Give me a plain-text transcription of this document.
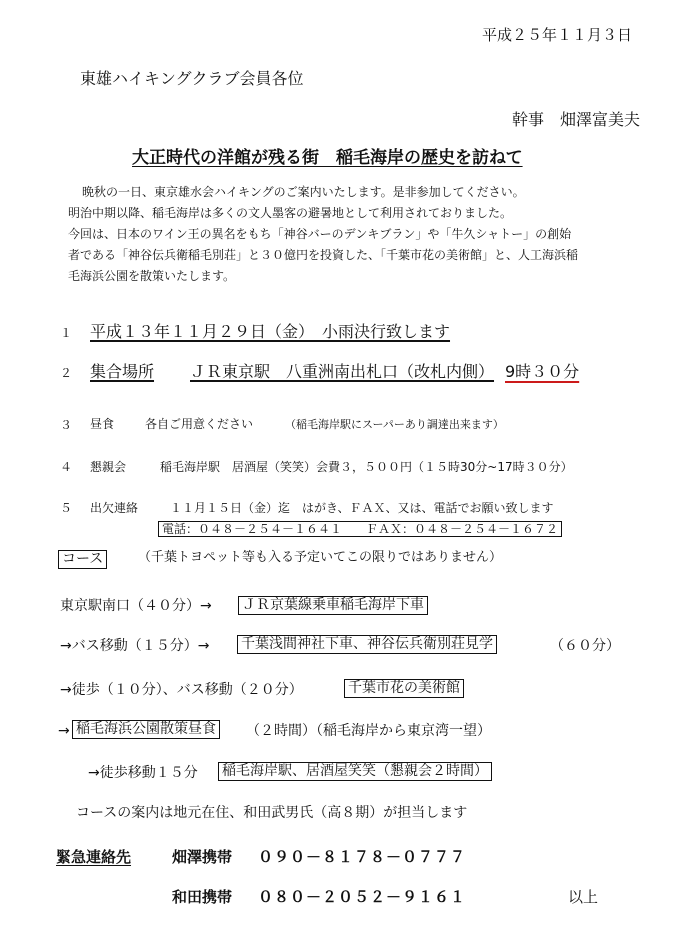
平成２５年１１月３日
東雄ハイキングクラブ会員各位
幹事　畑澤富美夫
大正時代の洋館が残る街　稲毛海岸の歴史を訪ねて
晩秋の一日、東京雄水会ハイキングのご案内いたします。是非参加してください。
明治中期以降、稲毛海岸は多くの文人墨客の避暑地として利用されておりました。
今回は、日本のワイン王の異名をもち「神谷バーのデンキブラン」や「牛久シャトー」の創始
者である「神谷伝兵衛稲毛別荘」と３０億円を投資した、「千葉市花の美術館」と、人工海浜稲
毛海浜公園を散策いたします。
１ 平成１３年１１月２９日（金）　小雨決行致します
２ 集合場所 ＪＲ東京駅　八重洲南出札口（改札内側） 9時３０分
３ 昼食	各自ご用意ください	（稲毛海岸駅にスーパーあり調達出来ます）
４ 懇親会	稲毛海岸駅　居酒屋（笑笑）会費３，５００円（１５時30分~17時３０分）
５ 出欠連絡	１１月１５日（金）迄　はがき、ＦＡＸ、又は、電話でお願い致します
電話：０４８－２５４－１６４１　　ＦＡＸ：０４８－２５４－１６７２
コース	（千葉トヨペット等も入る予定いてこの限りではありません）
東京駅南口（４０分）→ ＪＲ京葉線乗車稲毛海岸下車
→バス移動（１５分）→ 千葉浅間神社下車、神谷伝兵衛別荘見学	（６０分）
→徒歩（１０分）、バス移動（２０分）	千葉市花の美術館
→ 稲毛海浜公園散策昼食 （２時間）（稲毛海岸から東京湾一望）
→徒歩移動１５分 稲毛海岸駅、居酒屋笑笑（懇親会２時間）
コースの案内は地元在住、和田武男氏（高８期）が担当します
緊急連絡先	畑澤携帯 ０９０－８１７８－０７７７
和田携帯 ０８０－２０５２－９１６１	以上
